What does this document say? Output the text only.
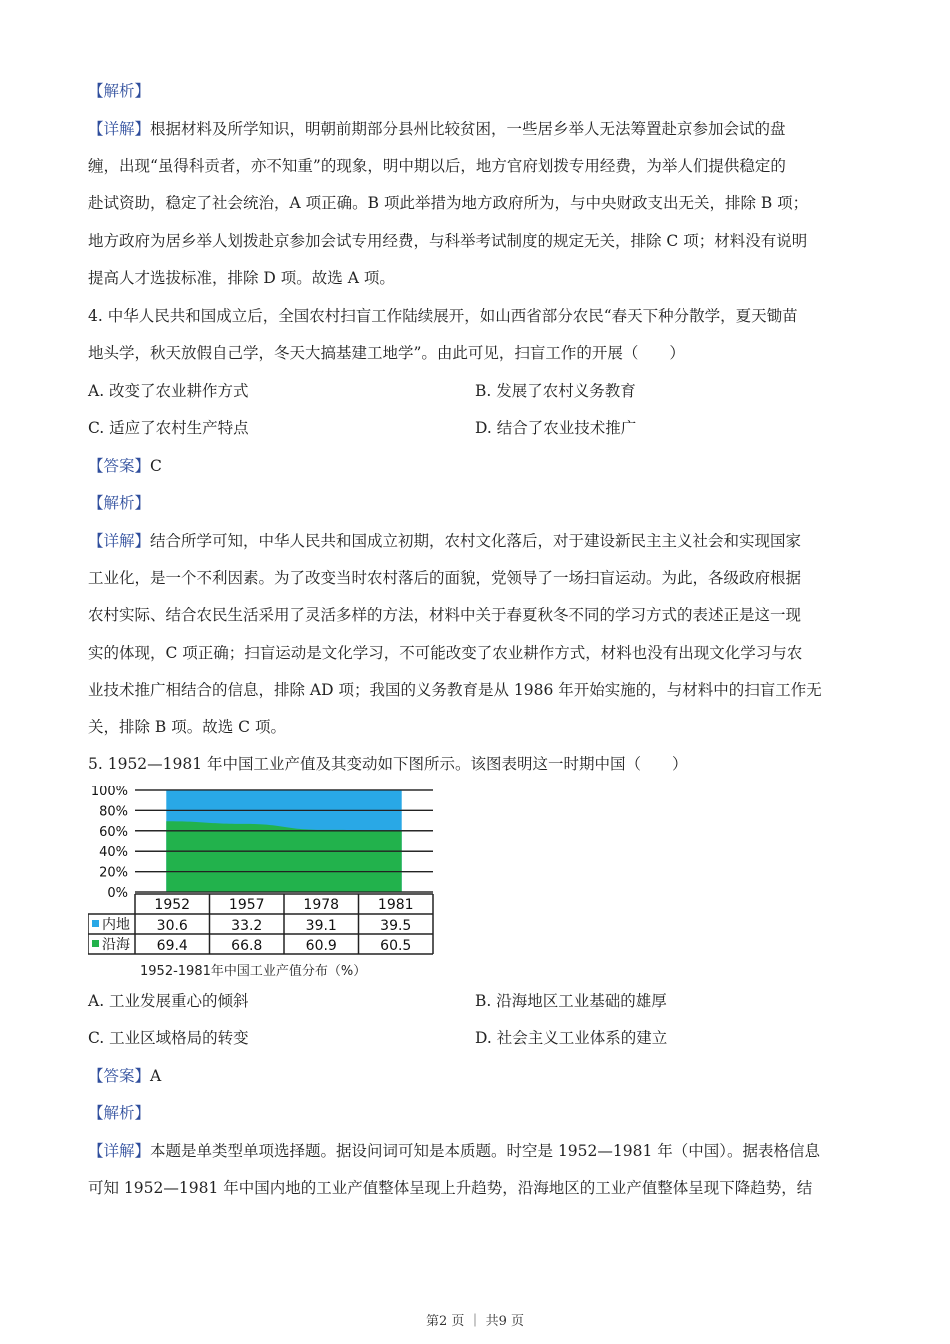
【解析】
【详解】根据材料及所学知识，明朝前期部分县州比较贫困，一些居乡举人无法筹置赴京参加会试的盘
缠，出现“虽得科贡者，亦不知重”的现象，明中期以后，地方官府划拨专用经费，为举人们提供稳定的
赴试资助，稳定了社会统治，A 项正确。B 项此举措为地方政府所为，与中央财政支出无关，排除 B 项；
地方政府为居乡举人划拨赴京参加会试专用经费，与科举考试制度的规定无关，排除 C 项；材料没有说明
提高人才选拔标准，排除 D 项。故选 A 项。
4. 中华人民共和国成立后，全国农村扫盲工作陆续展开，如山西省部分农民“春天下种分散学，夏天锄苗
地头学，秋天放假自己学，冬天大搞基建工地学”。由此可见，扫盲工作的开展（　　）
A. 改变了农业耕作方式	B. 发展了农村义务教育
C. 适应了农村生产特点	D. 结合了农业技术推广
【答案】C
【解析】
【详解】结合所学可知，中华人民共和国成立初期，农村文化落后，对于建设新民主主义社会和实现国家
工业化，是一个不利因素。为了改变当时农村落后的面貌，党领导了一场扫盲运动。为此，各级政府根据
农村实际、结合农民生活采用了灵活多样的方法，材料中关于春夏秋冬不同的学习方式的表述正是这一现
实的体现，C 项正确；扫盲运动是文化学习，不可能改变了农业耕作方式，材料也没有出现文化学习与农
业技术推广相结合的信息，排除 AD 项；我国的义务教育是从 1986 年开始实施的，与材料中的扫盲工作无
关，排除 B 项。故选 C 项。
5. 1952—1981 年中国工业产值及其变动如下图所示。该图表明这一时期中国（　　）
100%
80%
60%
40%
20%
0%
1952	1957	1978	1981
内地 30.6	33.2	39.1	39.5
沿海 69.4	66.8	60.9	60.5
1952-1981年中国工业产值分布（%）
A. 工业发展重心的倾斜	B. 沿海地区工业基础的雄厚
C. 工业区域格局的转变	D. 社会主义工业体系的建立
【答案】A
【解析】
【详解】本题是单类型单项选择题。据设问词可知是本质题。时空是 1952—1981 年（中国）。据表格信息
可知 1952—1981 年中国内地的工业产值整体呈现上升趋势，沿海地区的工业产值整体呈现下降趋势，结
第2 页 ｜ 共9 页
